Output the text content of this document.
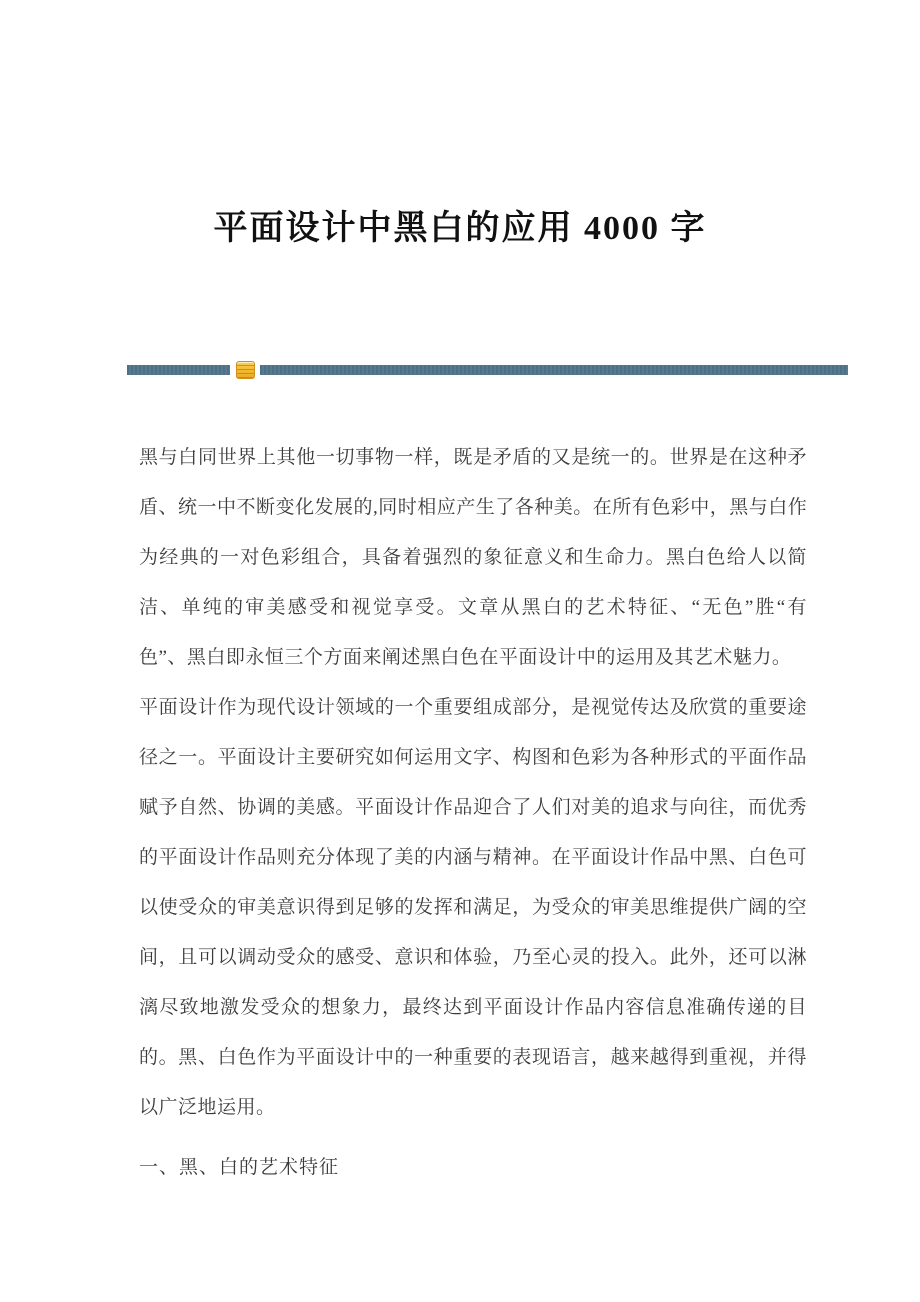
平面设计中黑白的应用 4000 字
黑与白同世界上其他一切事物一样，既是矛盾的又是统一的。世界是在这种矛
盾、统一中不断变化发展的,同时相应产生了各种美。在所有色彩中，黑与白作
为经典的一对色彩组合，具备着强烈的象征意义和生命力。黑白色给人以简
洁、单纯的审美感受和视觉享受。文章从黑白的艺术特征、“无色”胜“有
色”、黑白即永恒三个方面来阐述黑白色在平面设计中的运用及其艺术魅力。
平面设计作为现代设计领域的一个重要组成部分，是视觉传达及欣赏的重要途
径之一。平面设计主要研究如何运用文字、构图和色彩为各种形式的平面作品
赋予自然、协调的美感。平面设计作品迎合了人们对美的追求与向往，而优秀
的平面设计作品则充分体现了美的内涵与精神。在平面设计作品中黑、白色可
以使受众的审美意识得到足够的发挥和满足，为受众的审美思维提供广阔的空
间，且可以调动受众的感受、意识和体验，乃至心灵的投入。此外，还可以淋
漓尽致地激发受众的想象力，最终达到平面设计作品内容信息准确传递的目
的。黑、白色作为平面设计中的一种重要的表现语言，越来越得到重视，并得
以广泛地运用。
一、黑、白的艺术特征
